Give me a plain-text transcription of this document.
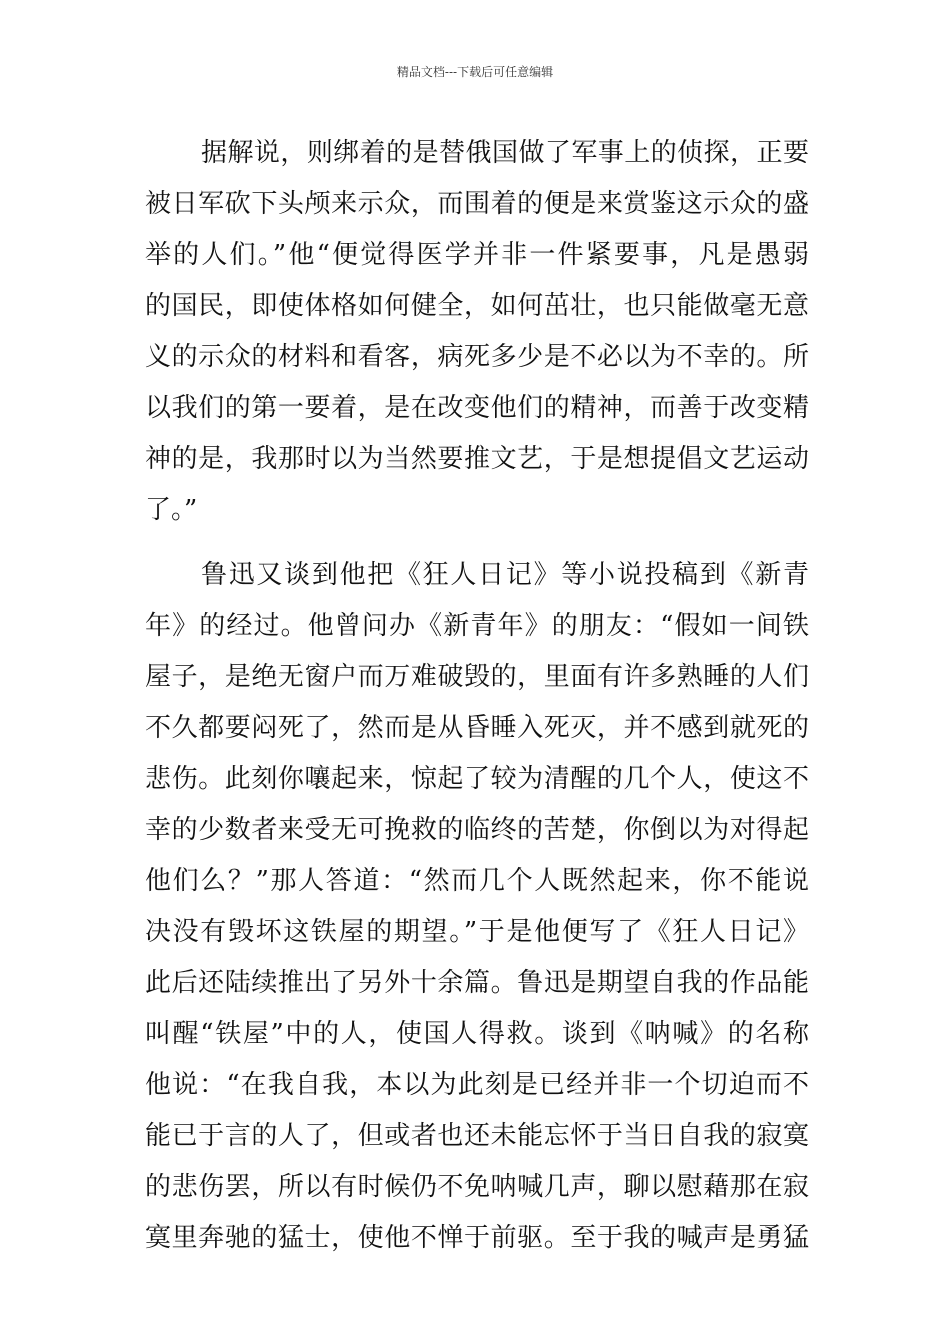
精品文档---下载后可任意编辑
据解说，则绑着的是替俄国做了军事上的侦探，正要
被日军砍下头颅来示众，而围着的便是来赏鉴这示众的盛
举的人们。”他“便觉得医学并非一件紧要事，凡是愚弱
的国民，即使体格如何健全，如何茁壮，也只能做毫无意
义的示众的材料和看客，病死多少是不必以为不幸的。所
以我们的第一要着，是在改变他们的精神，而善于改变精
神的是，我那时以为当然要推文艺，于是想提倡文艺运动
了。”
鲁迅又谈到他把《狂人日记》等小说投稿到《新青
年》的经过。他曾问办《新青年》的朋友：“假如一间铁
屋子，是绝无窗户而万难破毁的，里面有许多熟睡的人们
不久都要闷死了，然而是从昏睡入死灭，并不感到就死的
悲伤。此刻你嚷起来，惊起了较为清醒的几个人，使这不
幸的少数者来受无可挽救的临终的苦楚，你倒以为对得起
他们么？”那人答道：“然而几个人既然起来，你不能说
决没有毁坏这铁屋的期望。”于是他便写了《狂人日记》
此后还陆续推出了另外十余篇。鲁迅是期望自我的作品能
叫醒“铁屋”中的人，使国人得救。谈到《呐喊》的名称
他说：“在我自我，本以为此刻是已经并非一个切迫而不
能已于言的人了，但或者也还未能忘怀于当日自我的寂寞
的悲伤罢，所以有时候仍不免呐喊几声，聊以慰藉那在寂
寞里奔驰的猛士，使他不惮于前驱。至于我的喊声是勇猛
